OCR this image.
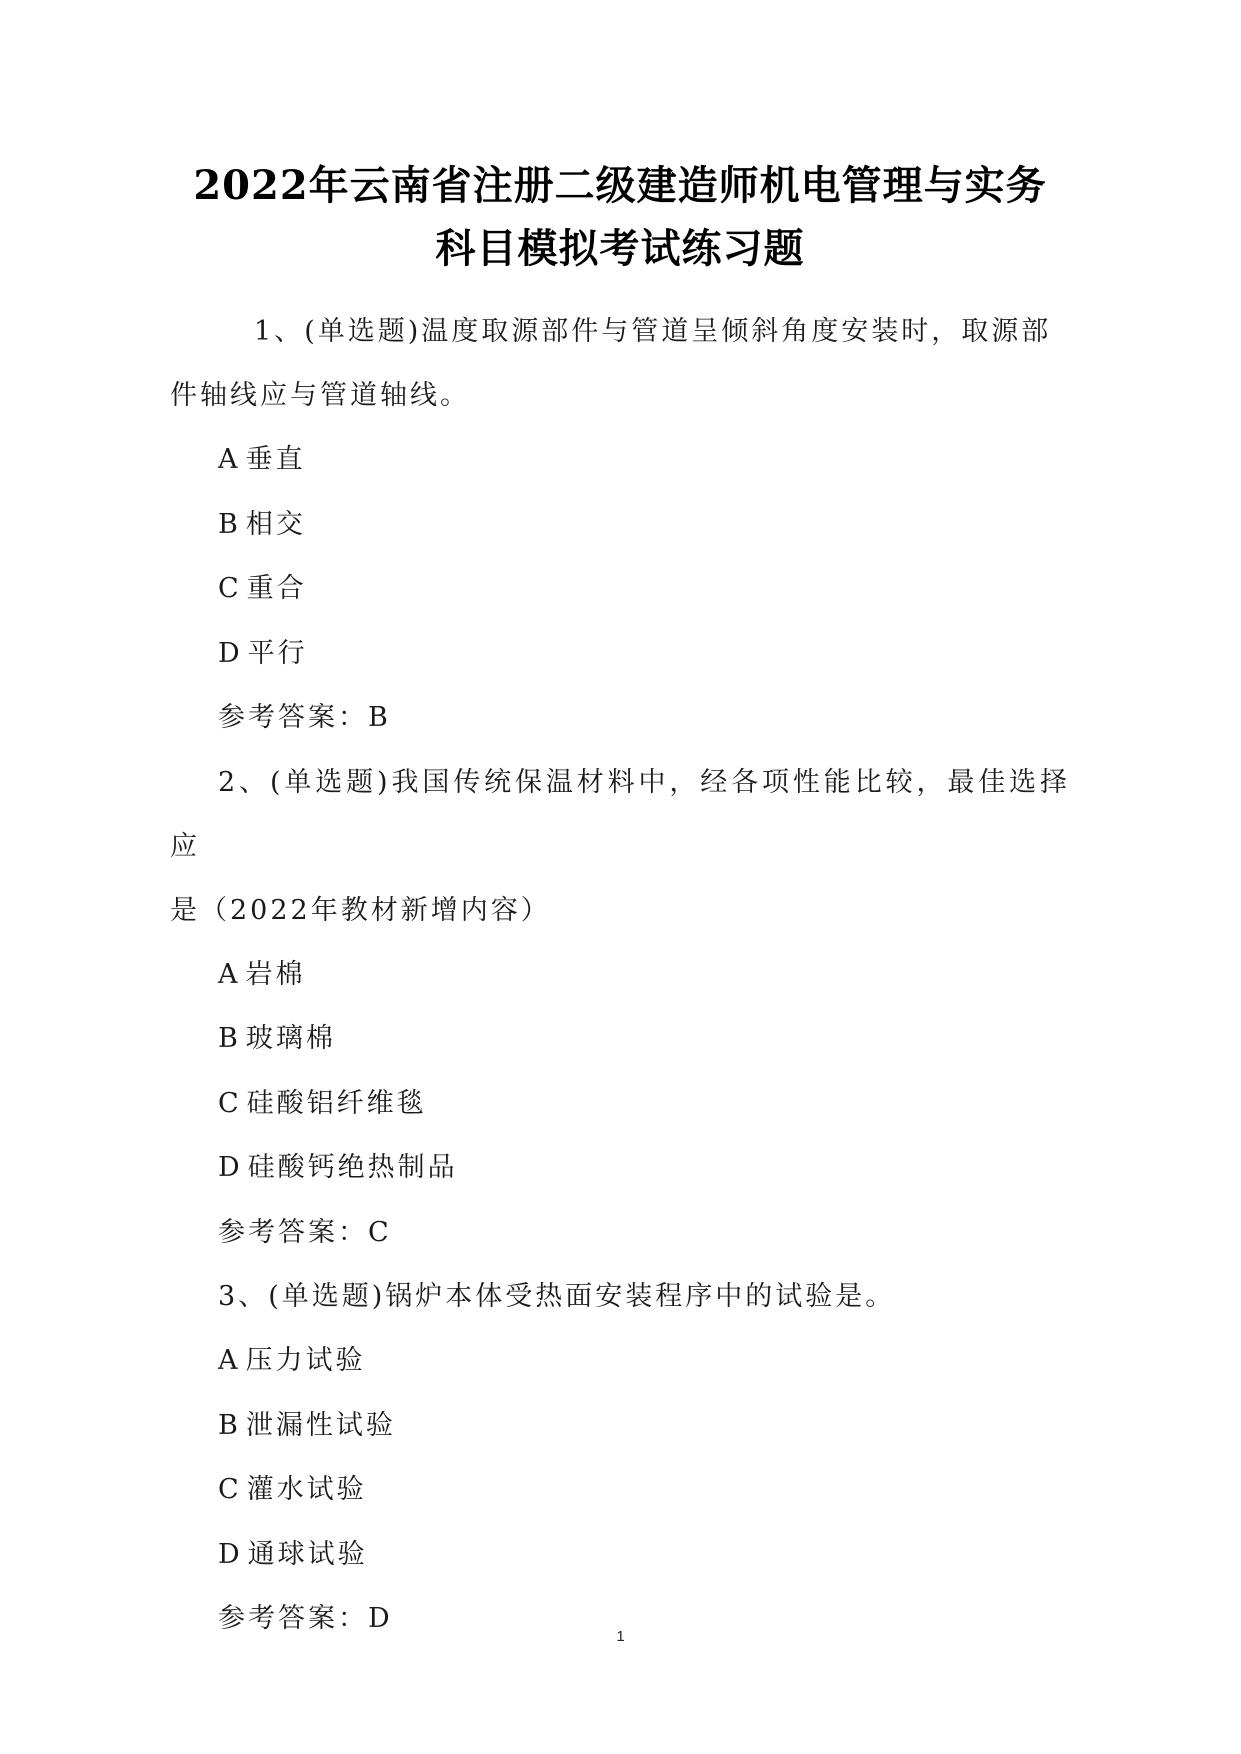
2022年云南省注册二级建造师机电管理与实务
科目模拟考试练习题

1、(单选题)温度取源部件与管道呈倾斜角度安装时，取源部
件轴线应与管道轴线。

A 垂直

B 相交

C 重合

D 平行

参考答案：B

2、(单选题)我国传统保温材料中，经各项性能比较，最佳选择应
是（2022年教材新增内容）

A 岩棉

B 玻璃棉

C 硅酸铝纤维毯

D 硅酸钙绝热制品

参考答案：C

3、(单选题)锅炉本体受热面安装程序中的试验是。

A 压力试验

B 泄漏性试验

C 灌水试验

D 通球试验

参考答案：D

1
